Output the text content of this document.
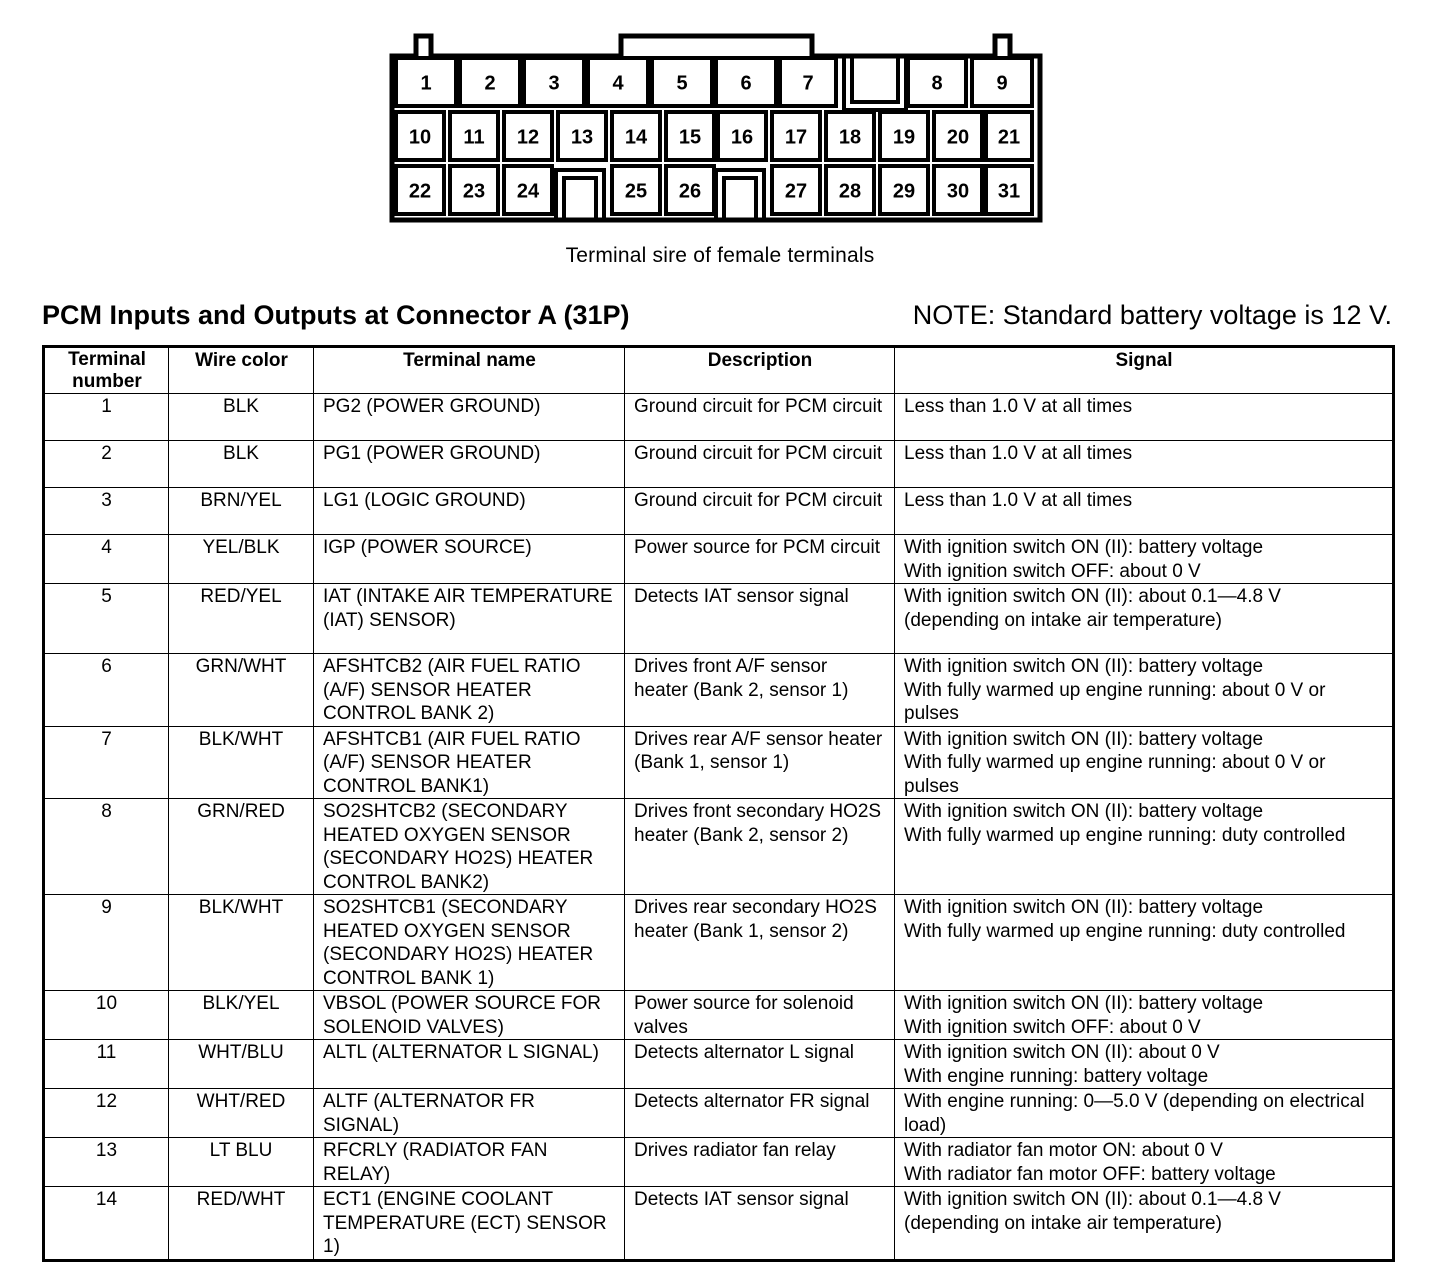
1	2	3	4	5	6	7	8	9
10 11 12 13 14 15 16 17 18 19 20 21
22 23 24	25 26	27 28 29 30 31
Terminal sire of female terminals
PCM Inputs and Outputs at Connector A (31P)	NOTE: Standard battery voltage is 12 V.
Terminal number	Wire color	Terminal name	Description	Signal
1	BLK	PG2 (POWER GROUND)	Ground circuit for PCM circuit	Less than 1.0 V at all times
2	BLK	PG1 (POWER GROUND)	Ground circuit for PCM circuit	Less than 1.0 V at all times
3	BRN/YEL	LG1 (LOGIC GROUND)	Ground circuit for PCM circuit	Less than 1.0 V at all times
4	YEL/BLK	IGP (POWER SOURCE)	Power source for PCM circuit	With ignition switch ON (II): battery voltage
With ignition switch OFF: about 0 V
5	RED/YEL	IAT (INTAKE AIR TEMPERATURE (IAT) SENSOR)	Detects IAT sensor signal	With ignition switch ON (II): about 0.1—4.8 V
(depending on intake air temperature)
6	GRN/WHT	AFSHTCB2 (AIR FUEL RATIO (A/F) SENSOR HEATER CONTROL BANK 2)	Drives front A/F sensor heater (Bank 2, sensor 1)	With ignition switch ON (II): battery voltage
With fully warmed up engine running: about 0 V or pulses
7	BLK/WHT	AFSHTCB1 (AIR FUEL RATIO (A/F) SENSOR HEATER CONTROL BANK1)	Drives rear A/F sensor heater (Bank 1, sensor 1)	With ignition switch ON (II): battery voltage
With fully warmed up engine running: about 0 V or pulses
8	GRN/RED	SO2SHTCB2 (SECONDARY HEATED OXYGEN SENSOR (SECONDARY HO2S) HEATER CONTROL BANK2)	Drives front secondary HO2S heater (Bank 2, sensor 2)	With ignition switch ON (II): battery voltage
With fully warmed up engine running: duty controlled
9	BLK/WHT	SO2SHTCB1 (SECONDARY HEATED OXYGEN SENSOR (SECONDARY HO2S) HEATER CONTROL BANK 1)	Drives rear secondary HO2S heater (Bank 1, sensor 2)	With ignition switch ON (II): battery voltage
With fully warmed up engine running: duty controlled
10	BLK/YEL	VBSOL (POWER SOURCE FOR SOLENOID VALVES)	Power source for solenoid valves	With ignition switch ON (II): battery voltage
With ignition switch OFF: about 0 V
11	WHT/BLU	ALTL (ALTERNATOR L SIGNAL)	Detects alternator L signal	With ignition switch ON (II): about 0 V
With engine running: battery voltage
12	WHT/RED	ALTF (ALTERNATOR FR SIGNAL)	Detects alternator FR signal	With engine running: 0—5.0 V (depending on electrical load)
13	LT BLU	RFCRLY (RADIATOR FAN RELAY)	Drives radiator fan relay	With radiator fan motor ON: about 0 V
With radiator fan motor OFF: battery voltage
14	RED/WHT	ECT1 (ENGINE COOLANT TEMPERATURE (ECT) SENSOR 1)	Detects IAT sensor signal	With ignition switch ON (II): about 0.1—4.8 V
(depending on intake air temperature)
